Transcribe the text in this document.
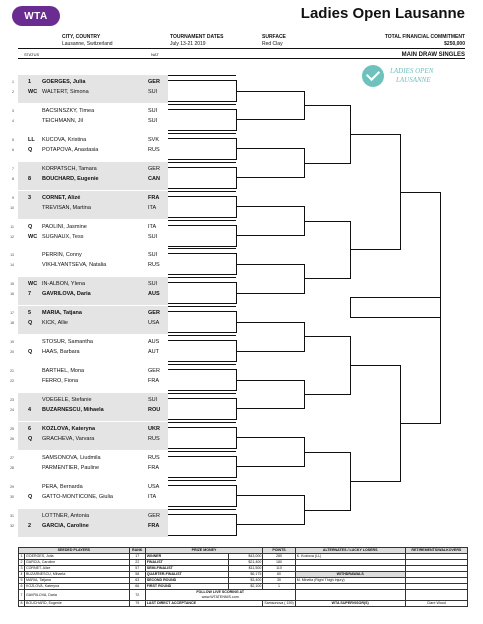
WTA	Ladies Open Lausanne
CITY, COUNTRY
Lausanne, Switzerland
TOURNAMENT DATES
July 13-21 2019
SURFACE
Red Clay
TOTAL FINANCIAL COMMITMENT
$250,000
STATUS	NAT	MAIN DRAW SINGLES
LADIES OPEN
LAUSANNE
1	1	GOERGES, Julia	GER
2	WC WALTERT, Simona	SUI
3	BACSINSZKY, Timea	SUI
4	TEICHMANN, Jil	SUI
5	LL	KUCOVA, Kristina	SVK
6	Q	POTAPOVA, Anastasia	RUS
7	KORPATSCH, Tamara	GER
8	8	BOUCHARD, Eugenie	CAN
9	3	CORNET, Alizé	FRA
10	TREVISAN, Martina	ITA
11	Q	PAOLINI, Jasmine	ITA
12	WC SUGNAUX, Tess	SUI
13	PERRIN, Conny	SUI
14	VIKHLYANTSEVA, Natalia	RUS
15	WC IN-ALBON, Ylena	SUI
16	7	GAVRILOVA, Daria	AUS
17	5	MARIA, Tatjana	GER
18	Q	KICK, Allie	USA
19	STOSUR, Samantha	AUS
20	Q	HAAS, Barbara	AUT
21	BARTHEL, Mona	GER
22	FERRO, Fiona	FRA
23	VOEGELE, Stefanie	SUI
24	4	BUZARNESCU, Mihaela	ROU
25	6	KOZLOVA, Kateryna	UKR
26	Q	GRACHEVA, Varvara	RUS
27	SAMSONOVA, Liudmila	RUS
28	PARMENTIER, Pauline	FRA
29	PERA, Bernarda	USA
30	Q	GATTO-MONTICONE, Giulia	ITA
31	LOTTNER, Antonia	GER
32	2	GARCIA, Caroline	FRA
SEEDED PLAYERS		RANK	PRIZE MONEY		POINTS	ALTERNATES / LUCKY LOSERS	RETIREMENTS/WALKOVERS
1	GOERGES, Julia	17	WINNER	$43,000	280	K. Kozlova (LL)	
2	GARCIA, Caroline	22	FINALIST	$21,400	180		
3	CORNET, Alizé	57	SEMI-FINALIST	$11,500	110		
4	BUZARNESCU, Mihaela	58	QUARTER-FINALIST	$6,175	60	WITHDRAWALS	
5	MARIA, Tatjana	63	SECOND ROUND	$3,400	30	M. Minella (Right Thigh Injury)	
6	KOZLOVA, Kateryna	66	FIRST ROUND	$2,100	1		
7	GAVRILOVA, Daria	72	FOLLOW LIVE SCORING AT
www.WTATENNIS.com				

8	BOUCHARD, Eugenie	79	LAST DIRECT ACCEPTANCE		Samsonova ( 159)	WTA SUPERVISOR(S)	Clare Wood
